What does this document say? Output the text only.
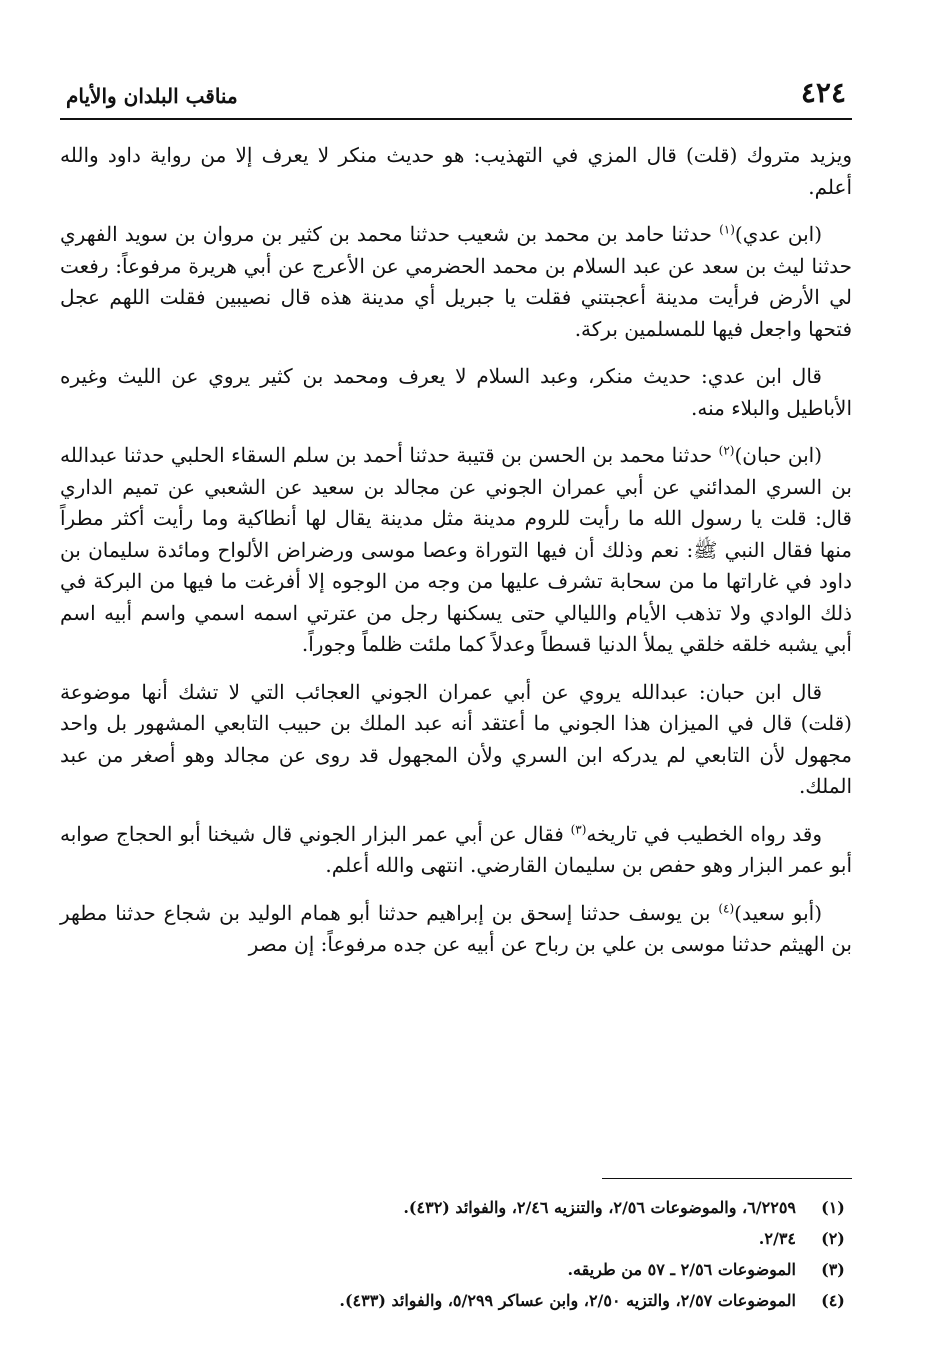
٤٢٤
مناقب البلدان والأيام

ويزيد متروك (قلت) قال المزي في التهذيب: هو حديث منكر لا يعرف إلا من رواية داود والله أعلم.

(ابن عدي)$^{(١)}$ حدثنا حامد بن محمد بن شعيب حدثنا محمد بن كثير بن مروان بن سويد الفهري حدثنا ليث بن سعد عن عبد السلام بن محمد الحضرمي عن الأعرج عن أبي هريرة مرفوعاً: رفعت لي الأرض فرأيت مدينة أعجبتني فقلت يا جبريل أي مدينة هذه قال نصيبين فقلت اللهم عجل فتحها واجعل فيها للمسلمين بركة.

قال ابن عدي: حديث منكر، وعبد السلام لا يعرف ومحمد بن كثير يروي عن الليث وغيره الأباطيل والبلاء منه.

(ابن حبان)$^{(٢)}$ حدثنا محمد بن الحسن بن قتيبة حدثنا أحمد بن سلم السقاء الحلبي حدثنا عبدالله بن السري المدائني عن أبي عمران الجوني عن مجالد بن سعيد عن الشعبي عن تميم الداري قال: قلت يا رسول الله ما رأيت للروم مدينة مثل مدينة يقال لها أنطاكية وما رأيت أكثر مطراً منها فقال النبي ﷺ: نعم وذلك أن فيها التوراة وعصا موسى ورضراض الألواح ومائدة سليمان بن داود في غاراتها ما من سحابة تشرف عليها من وجه من الوجوه إلا أفرغت ما فيها من البركة في ذلك الوادي ولا تذهب الأيام والليالي حتى يسكنها رجل من عترتي اسمه اسمي واسم أبيه اسم أبي يشبه خلقه خلقي يملأ الدنيا قسطاً وعدلاً كما ملئت ظلماً وجوراً.

قال ابن حبان: عبدالله يروي عن أبي عمران الجوني العجائب التي لا تشك أنها موضوعة (قلت) قال في الميزان هذا الجوني ما أعتقد أنه عبد الملك بن حبيب التابعي المشهور بل واحد مجهول لأن التابعي لم يدركه ابن السري ولأن المجهول قد روى عن مجالد وهو أصغر من عبد الملك.

وقد رواه الخطيب في تاريخه$^{(٣)}$ فقال عن أبي عمر البزار الجوني قال شيخنا أبو الحجاج صوابه أبو عمر البزار وهو حفص بن سليمان القارضي. انتهى والله أعلم.

(أبو سعيد)$^{(٤)}$ بن يوسف حدثنا إسحق بن إبراهيم حدثنا أبو همام الوليد بن شجاع حدثنا مطهر بن الهيثم حدثنا موسى بن علي بن رباح عن أبيه عن جده مرفوعاً: إن مصر

(١)
٦/٢٢٥٩، والموضوعات ٢/٥٦، والتنزيه ٢/٤٦، والفوائد (٤٣٢).
(٢)
٢/٣٤.
(٣)
الموضوعات ٢/٥٦ ـ ٥٧ من طريقه.
(٤)
الموضوعات ٢/٥٧، والتزيه ٢/٥٠، وابن عساكر ٥/٢٩٩، والفوائد (٤٣٣).
